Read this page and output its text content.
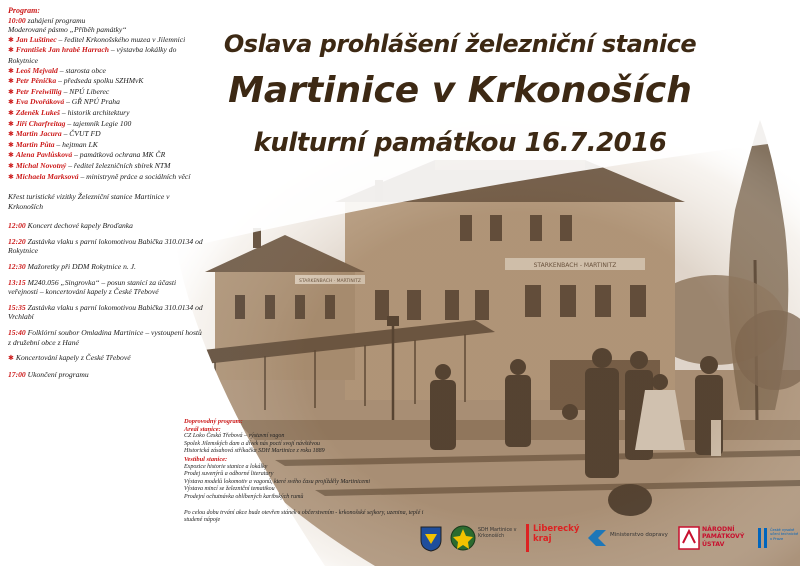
STARKENBACH - MARTINITZ
STARKENBACH · MARTINITZ
Oslava prohlášení železniční stanice
Martinice v Krkonoších
kulturní památkou 16.7.2016
Program:
10:00 zahájení programu
Moderované pásmo „Příběh památky“
✱ Jan Luštinec – ředitel Krkonošského muzea v Jilemnici
✱ František Jan hrabě Harrach – výstavba lokálky do Rokytnice
✱ Leoš Mejvald – starosta obce
✱ Petr Pěnička – předseda spolku SZHMvK
✱ Petr Freiwillig – NPÚ Liberec
✱ Eva Dvořáková – GŘ NPÚ Praha
✱ Zdeněk Lukeš – historik architektury
✱ Jiří Charfreitag – tajemník Legie 100
✱ Martin Jacura – ČVUT FD
✱ Martin Půta – hejtman LK
✱ Alena Pavlůsková – památková ochrana MK ČR
✱ Michal Novotný – ředitel železničních sbírek NTM
✱ Michaela Marksová – ministryně práce a sociálních věcí
Křest turistické vizitky Železniční stanice Martinice v Krkonoších
12:00 Koncert dechové kapely Broďanka
12:20 Zastávka vlaku s parní lokomotivou Babička 310.0134 od Rokytnice
12:30 Mažoretky při DDM Rokytnice n. J.
13:15 M240.056 „Singrovka“ – posun stanicí za účasti veřejnosti – koncertování kapely z České Třebové
15:35 Zastávka vlaku s parní lokomotivou Babička 310.0134 od Vrchlabí
15:40 Folklórní soubor Omladina Martinice – vystoupení hostů z družební obce z Hané
✱ Koncertování kapely z České Třebové
17:00 Ukončení programu
Doprovodný program:
Areál stanice:
CZ Loko Česká Třebová – výstavní vagon
Spolek Jilemských dam a dívek nás poctí svojí návštěvou
Historická zásahová stříkačka SDH Martinice z roku 1889
Vestibul stanice:
Expozice historie stanice a lokálky
Prodej suvenýrů a odborné literatury
Výstava modelů lokomotiv a vagonů, které svého času projížděly Martinicemi
Výstava mincí se železniční tematikou
Prodejní ochutnávka oblíbených karibských rumů
Po celou dobu trvání akce bude otevřen stánek s občerstvením - krkonošské sejkory, uzenina, teplé i studené nápoje
SDH Martinice v Krkonoších
Liberecký
kraj	Ministerstvo dopravy
NÁRODNÍ
PAMÁTKOVÝ
ÚSTAV
České vysoké učení technické v Praze
